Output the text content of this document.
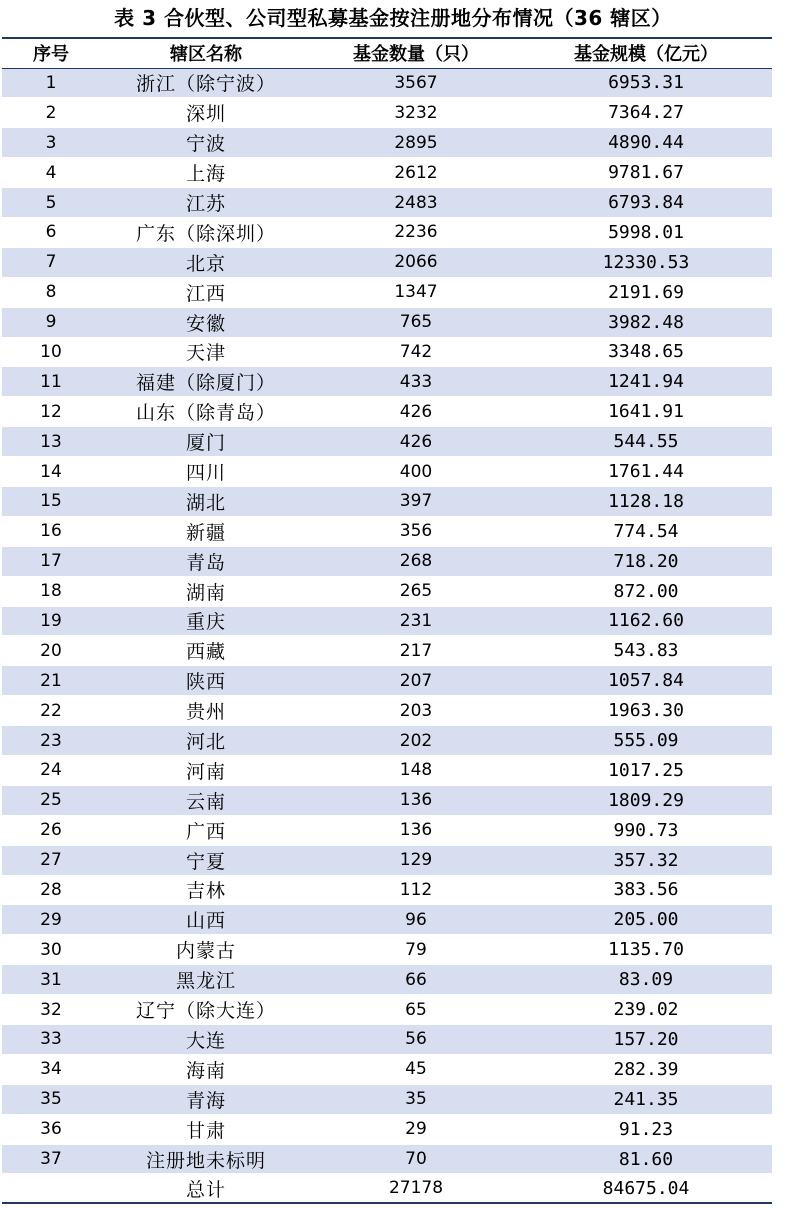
表 3 合伙型、公司型私募基金按注册地分布情况（36 辖区）
序号	辖区名称	基金数量（只）	基金规模（亿元）
1	浙江（除宁波）	3567	6953.31
2	深圳	3232	7364.27
3	宁波	2895	4890.44
4	上海	2612	9781.67
5	江苏	2483	6793.84
6	广东（除深圳）	2236	5998.01
7	北京	2066	12330.53
8	江西	1347	2191.69
9	安徽	765	3982.48
10	天津	742	3348.65
11	福建（除厦门）	433	1241.94
12	山东（除青岛）	426	1641.91
13	厦门	426	544.55
14	四川	400	1761.44
15	湖北	397	1128.18
16	新疆	356	774.54
17	青岛	268	718.20
18	湖南	265	872.00
19	重庆	231	1162.60
20	西藏	217	543.83
21	陕西	207	1057.84
22	贵州	203	1963.30
23	河北	202	555.09
24	河南	148	1017.25
25	云南	136	1809.29
26	广西	136	990.73
27	宁夏	129	357.32
28	吉林	112	383.56
29	山西	96	205.00
30	内蒙古	79	1135.70
31	黑龙江	66	83.09
32	辽宁（除大连）	65	239.02
33	大连	56	157.20
34	海南	45	282.39
35	青海	35	241.35
36	甘肃	29	91.23
37	注册地未标明	70	81.60
	总计	27178	84675.04
